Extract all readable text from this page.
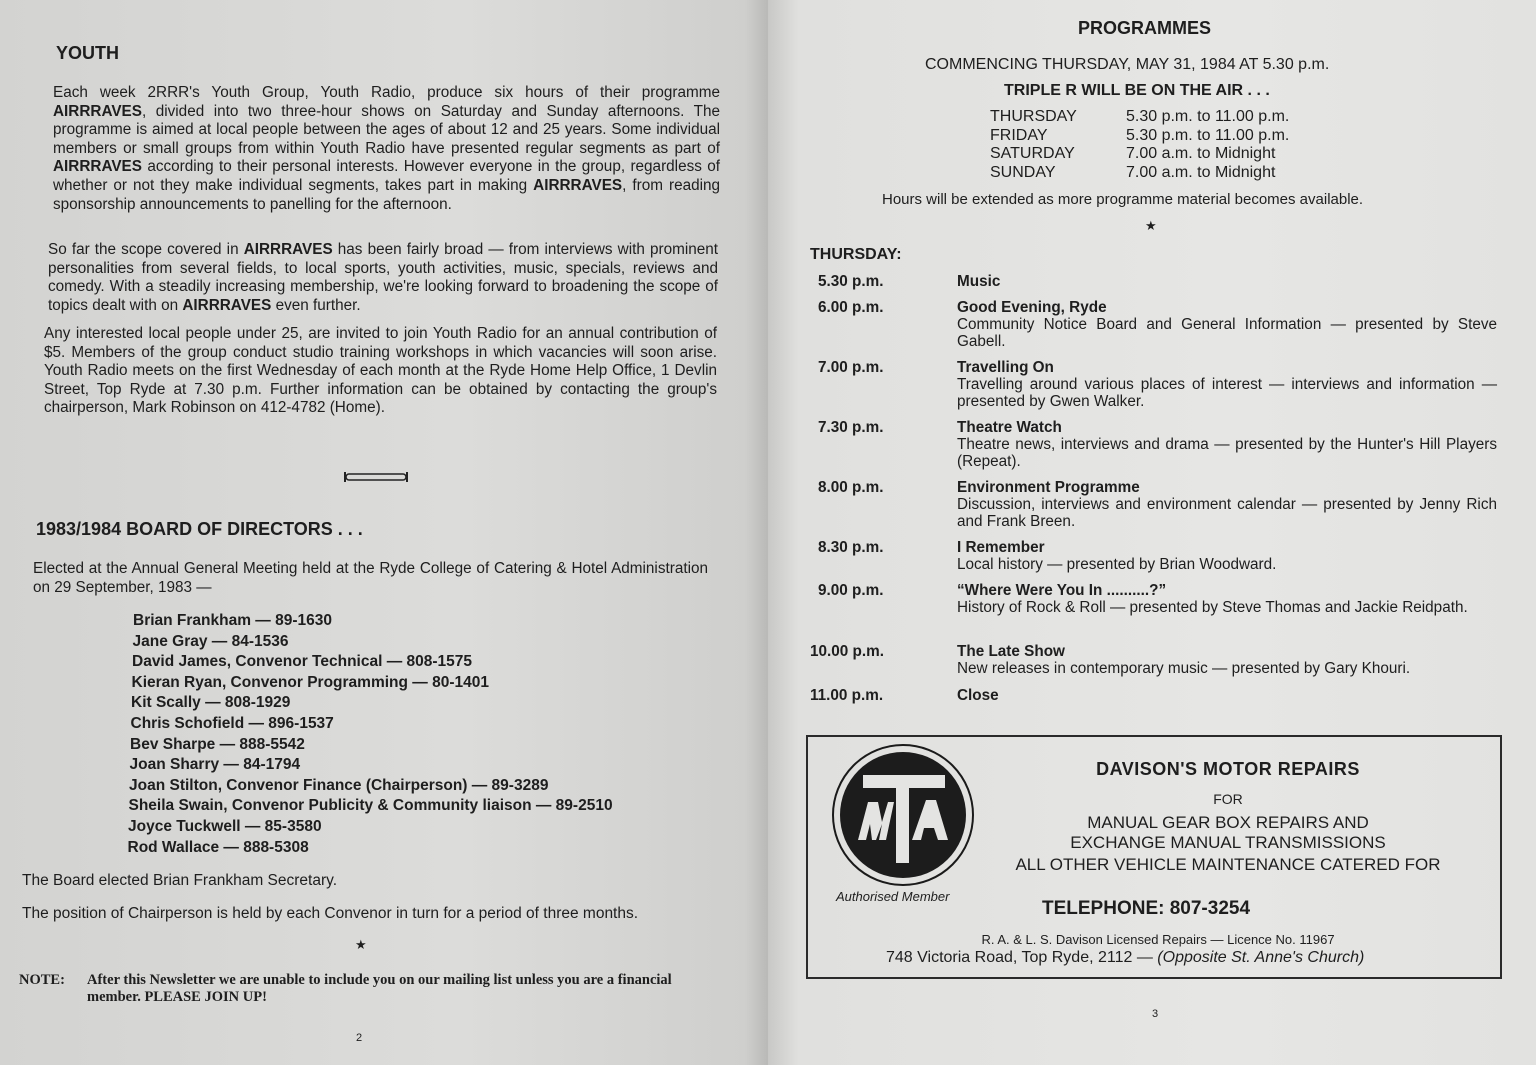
YOUTH
Each week 2RRR's Youth Group, Youth Radio, produce six hours of their programme AIRRRAVES, divided into two three-hour shows on Saturday and Sunday afternoons. The programme is aimed at local people between the ages of about 12 and 25 years. Some individual members or small groups from within Youth Radio have presented regular segments as part of AIRRRAVES according to their personal interests. However everyone in the group, regardless of whether or not they make individual segments, takes part in making AIRRRAVES, from reading sponsorship announcements to panelling for the afternoon.
So far the scope covered in AIRRRAVES has been fairly broad — from interviews with prominent personalities from several fields, to local sports, youth activities, music, specials, reviews and comedy. With a steadily increasing membership, we're looking forward to broadening the scope of topics dealt with on AIRRRAVES even further.
Any interested local people under 25, are invited to join Youth Radio for an annual contribution of $5. Members of the group conduct studio training workshops in which vacancies will soon arise. Youth Radio meets on the first Wednesday of each month at the Ryde Home Help Office, 1 Devlin Street, Top Ryde at 7.30 p.m. Further information can be obtained by contacting the group's chairperson, Mark Robinson on 412-4782 (Home).
1983/1984 BOARD OF DIRECTORS . . .
Elected at the Annual General Meeting held at the Ryde College of Catering & Hotel Administration on 29 September, 1983 —
Brian Frankham — 89-1630
Jane Gray — 84-1536
David James, Convenor Technical — 808-1575
Kieran Ryan, Convenor Programming — 80-1401
Kit Scally — 808-1929
Chris Schofield — 896-1537
Bev Sharpe — 888-5542
Joan Sharry — 84-1794
Joan Stilton, Convenor Finance (Chairperson) — 89-3289
Sheila Swain, Convenor Publicity & Community liaison — 89-2510
Joyce Tuckwell — 85-3580
Rod Wallace — 888-5308

The Board elected Brian Frankham Secretary.

The position of Chairperson is held by each Convenor in turn for a period of three months.

★
NOTE: After this Newsletter we are unable to include you on our mailing list unless you are a financial member. PLEASE JOIN UP!
2
PROGRAMMES

COMMENCING THURSDAY, MAY 31, 1984 AT 5.30 p.m.

TRIPLE R WILL BE ON THE AIR . . .

THURSDAY	5.30 p.m. to 11.00 p.m.
FRIDAY	5.30 p.m. to 11.00 p.m.
SATURDAY	7.00 a.m. to Midnight
SUNDAY	7.00 a.m. to Midnight

Hours will be extended as more programme material becomes available.

★

THURSDAY:

5.30 p.m.	Music
6.00 p.m.	Good Evening, Ryde
Community Notice Board and General Information — presented by Steve Gabell.
7.00 p.m.	Travelling On
Travelling around various places of interest — interviews and information — presented by Gwen Walker.
7.30 p.m.	Theatre Watch
Theatre news, interviews and drama — presented by the Hunter's Hill Players (Repeat).
8.00 p.m.	Environment Programme
Discussion, interviews and environment calendar — presented by Jenny Rich and Frank Breen.
8.30 p.m.	I Remember
Local history — presented by Brian Woodward.
9.00 p.m.	“Where Were You In ..........?”
History of Rock & Roll — presented by Steve Thomas and Jackie Reidpath.
10.00 p.m.	The Late Show
New releases in contemporary music — presented by Gary Khouri.
11.00 p.m.	Close
Authorised Member
DAVISON'S MOTOR REPAIRS
FOR
MANUAL GEAR BOX REPAIRS AND
EXCHANGE MANUAL TRANSMISSIONS
ALL OTHER VEHICLE MAINTENANCE CATERED FOR
TELEPHONE: 807-3254
R. A. & L. S. Davison Licensed Repairs — Licence No. 11967
748 Victoria Road, Top Ryde, 2112 — (Opposite St. Anne's Church)
3
